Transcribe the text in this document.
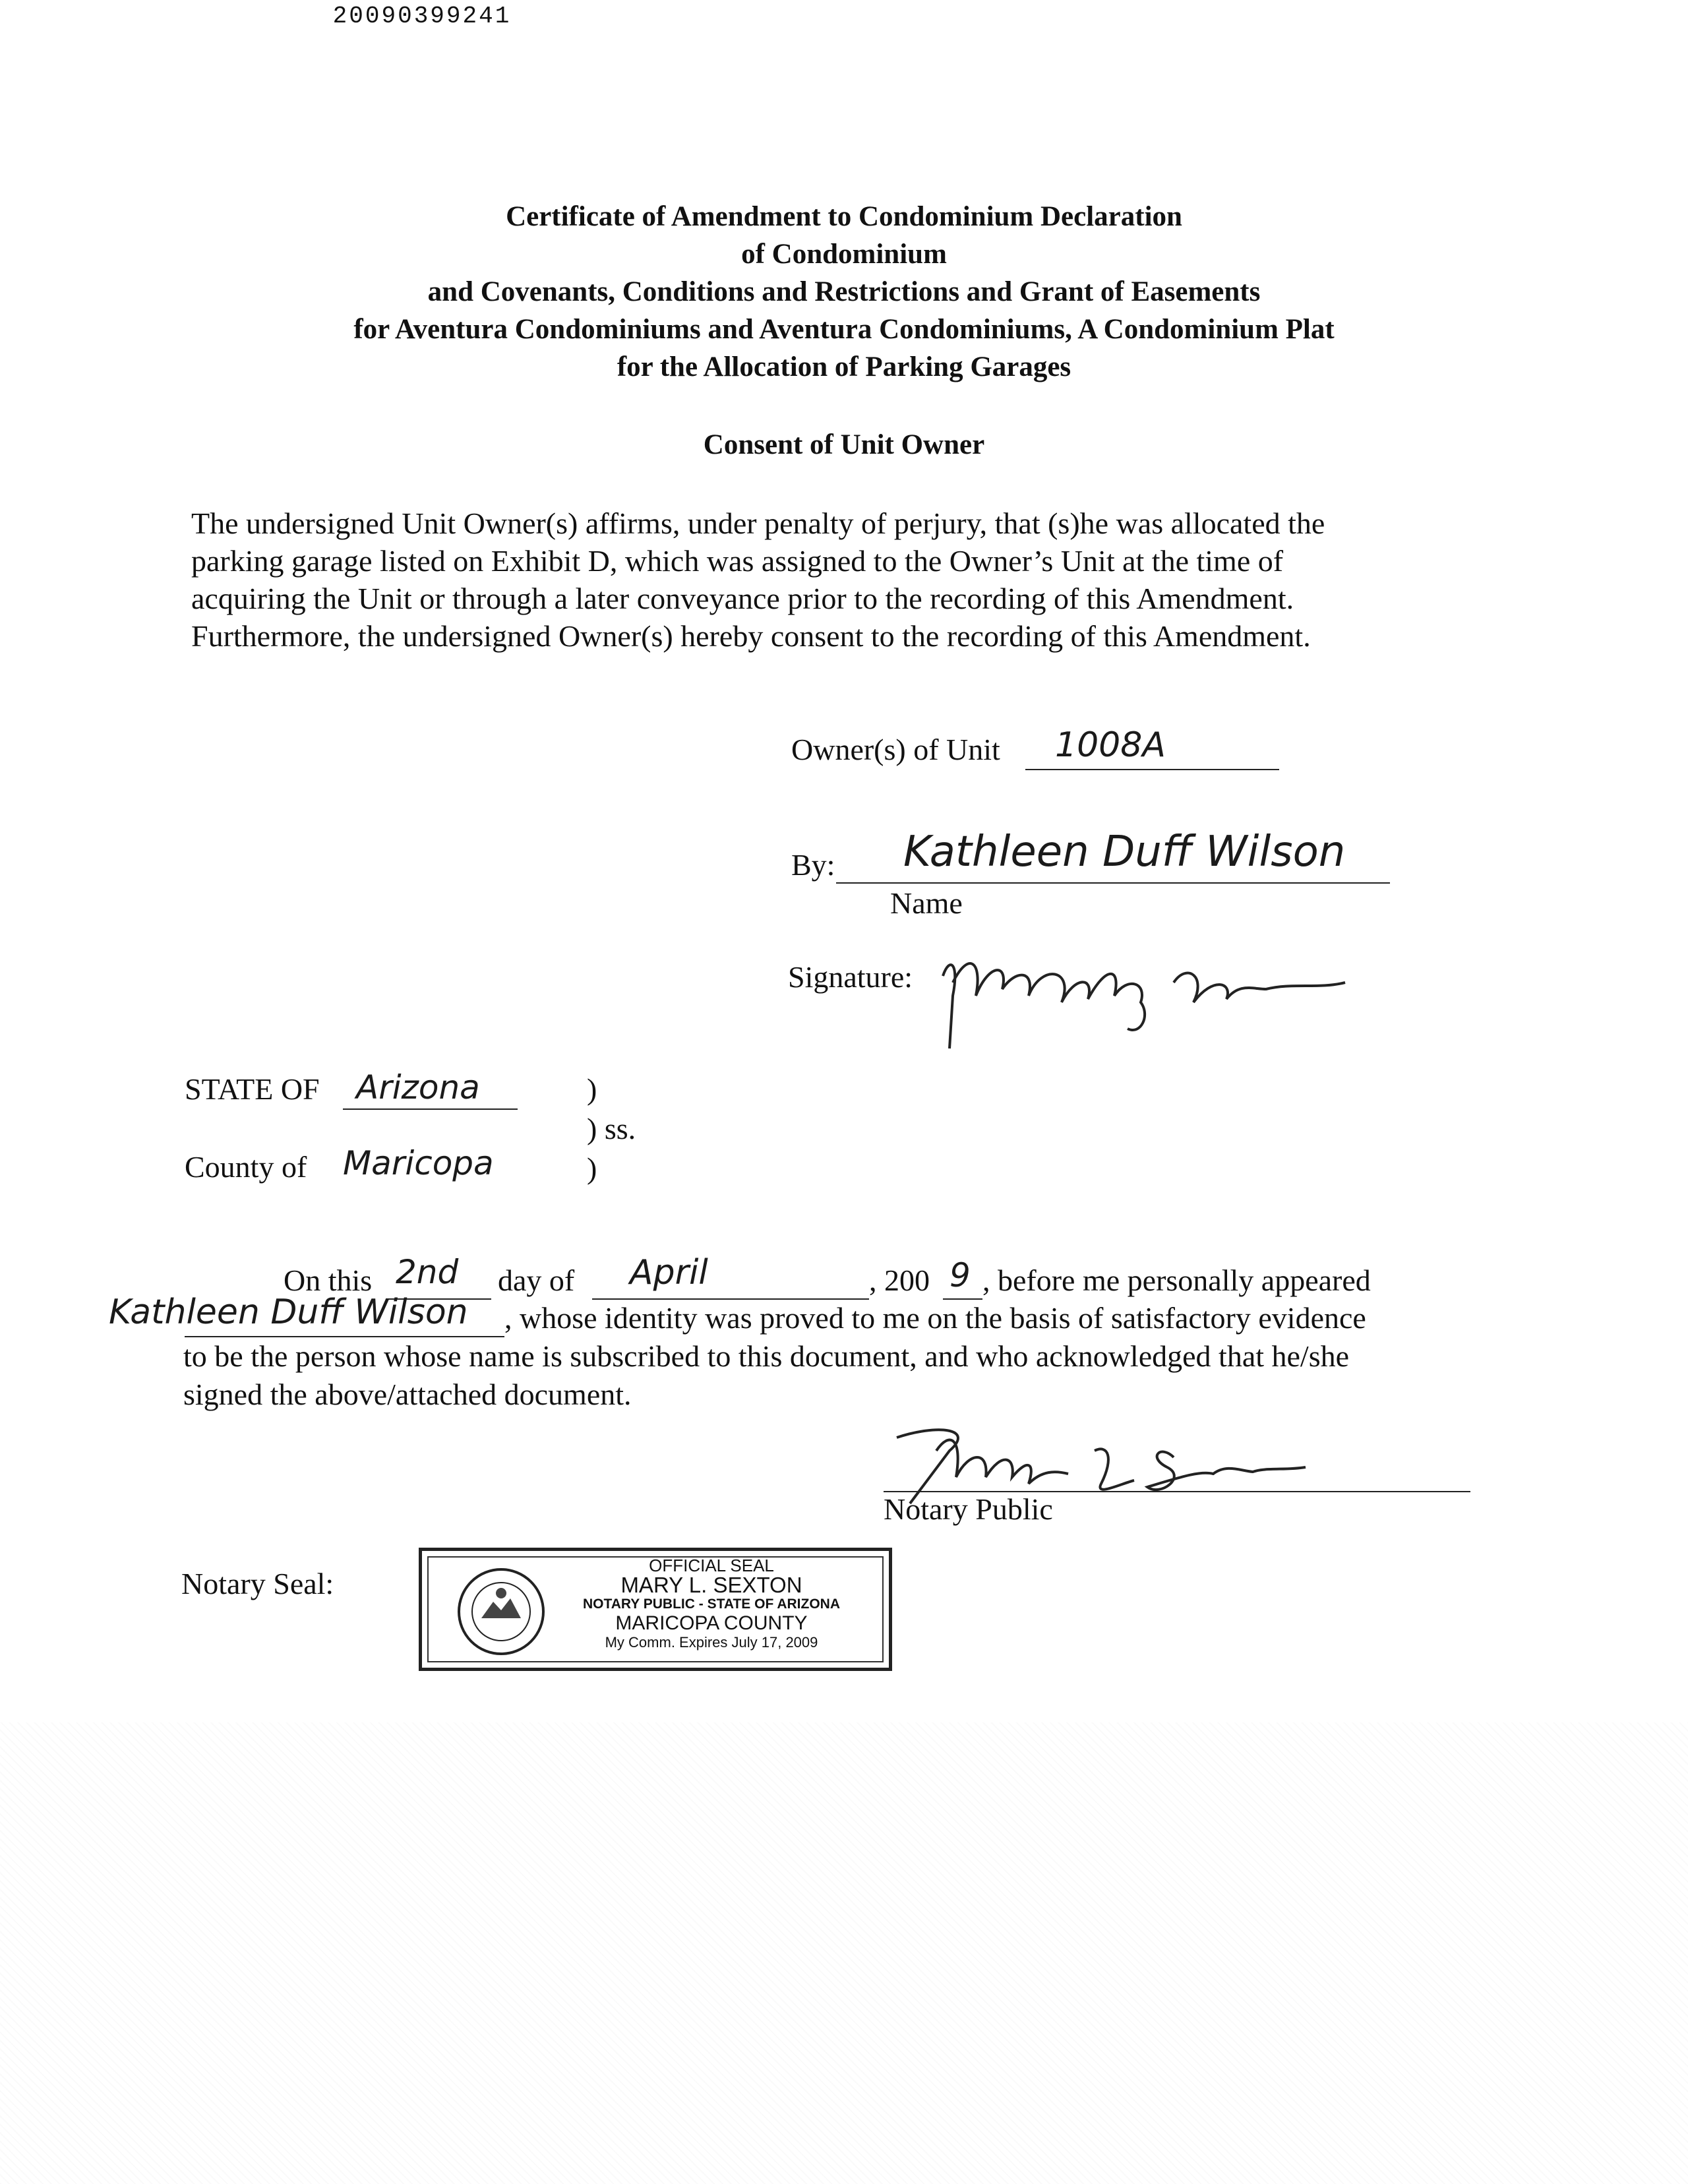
20090399241
Certificate of Amendment to Condominium Declaration
of Condominium
and Covenants, Conditions and Restrictions and Grant of Easements
for Aventura Condominiums and Aventura Condominiums, A Condominium Plat
for the Allocation of Parking Garages
Consent of Unit Owner
The undersigned Unit Owner(s) affirms, under penalty of perjury, that (s)he was allocated the
parking garage listed on Exhibit D, which was assigned to the Owner’s Unit at the time of
acquiring the Unit or through a later conveyance prior to the recording of this Amendment.
Furthermore, the undersigned Owner(s) hereby consent to the recording of this Amendment.
Owner(s) of Unit 1008A
By: Kathleen Duff Wilson
Name
Signature:
STATE OF Arizona	)
) ss.
County of Maricopa	)
On this 2nd day of April	, 200 9 , before me personally appeared
Kathleen Duff Wilson , whose identity was proved to me on the basis of satisfactory evidence
to be the person whose name is subscribed to this document, and who acknowledged that he/she
signed the above/attached document.
Notary Public
Notary Seal:
OFFICIAL SEAL
MARY L. SEXTON
NOTARY PUBLIC - STATE OF ARIZONA
MARICOPA COUNTY
My Comm. Expires July 17, 2009
